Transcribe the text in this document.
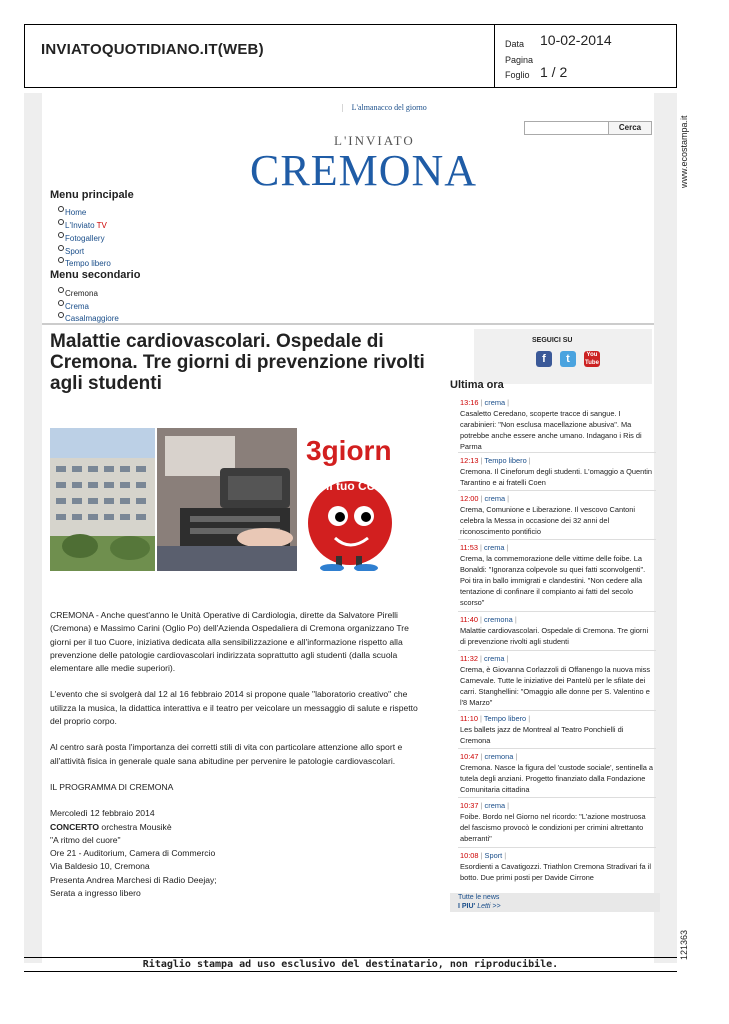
INVIATOQUOTIDIANO.IT(WEB)	Data 10-02-2014
Pagina
Foglio 1 / 2
www.ecostampa.it
121363
| L'almanacco del giorno
L'INVIATO
CREMONA
Cerca
Menu principale
Home
L'Inviato TV
Fotogallery
Sport
Tempo libero
Menu secondario
Cremona
Crema
Casalmaggiore
Malattie cardiovascolari. Ospedale di Cremona. Tre giorni di prevenzione rivolti agli studenti
3giorn
per
il tuo CUO

CREMONA - Anche quest'anno le Unità Operative di Cardiologia, dirette da Salvatore Pirelli (Cremona) e Massimo Carini (Oglio Po) dell'Azienda Ospedaliera di Cremona organizzano Tre giorni per il tuo Cuore, iniziativa dedicata alla sensibilizzazione e all'informazione rispetto alla prevenzione delle patologie cardiovascolari indirizzata soprattutto agli studenti (dalla scuola elementare alle medie superiori).

L'evento che si svolgerà dal 12 al 16 febbraio 2014 si propone quale "laboratorio creativo" che utilizza la musica, la didattica interattiva e il teatro per veicolare un messaggio di salute e rispetto del proprio corpo.

Al centro sarà posta l'importanza dei corretti stili di vita con particolare attenzione allo sport e all'attività fisica in generale quale sana abitudine per pervenire le patologie cardiovascolari.

IL PROGRAMMA DI CREMONA

Mercoledì 12 febbraio 2014
CONCERTO orchestra Mousikè
"A ritmo del cuore"
Ore 21 - Auditorium, Camera di Commercio
Via Baldesio 10, Cremona
Presenta Andrea Marchesi di Radio Deejay;
Serata a ingresso libero

SEGUICI SU
f	t	You Tube
Ultima ora
13:16 | crema |
Casaletto Ceredano, scoperte tracce di sangue. I carabinieri: "Non esclusa macellazione abusiva". Ma potrebbe anche essere anche umano. Indagano i Ris di Parma
12:13 | Tempo libero |
Cremona. Il Cineforum degli studenti. L'omaggio a Quentin Tarantino e ai fratelli Coen
12:00 | crema |
Crema, Comunione e Liberazione. Il vescovo Cantoni celebra la Messa in occasione dei 32 anni del riconoscimento pontificio
11:53 | crema |
Crema, la commemorazione delle vittime delle foibe. La Bonaldi: "Ignoranza colpevole su quei fatti sconvolgenti". Poi tira in ballo immigrati e clandestini. "Non cedere alla tentazione di confinare il compianto ai fatti del secolo scorso"
11:40 | cremona |
Malattie cardiovascolari. Ospedale di Cremona. Tre giorni di prevenzione rivolti agli studenti
11:32 | crema |
Crema, è Giovanna Corlazzoli di Offanengo la nuova miss Carnevale. Tutte le iniziative dei Pantelù per le sfilate dei carri. Stanghellini: "Omaggio alle donne per S. Valentino e l'8 Marzo"
11:10 | Tempo libero |
Les ballets jazz de Montreal al Teatro Ponchielli di Cremona
10:47 | cremona |
Cremona. Nasce la figura del 'custode sociale', sentinella a tutela degli anziani. Progetto finanziato dalla Fondazione Comunitaria cittadina
10:37 | crema |
Foibe. Bordo nel Giorno nel ricordo: "L'azione mostruosa del fascismo provocò le condizioni per crimini altrettanto aberranti"
10:08 | Sport |
Esordienti a Cavatigozzi. Triathlon Cremona Stradivari fa il botto. Due primi posti per Davide Cirrone
Tutte le news
I PIU' Letti >>
Ritaglio stampa ad uso esclusivo del destinatario, non riproducibile.
